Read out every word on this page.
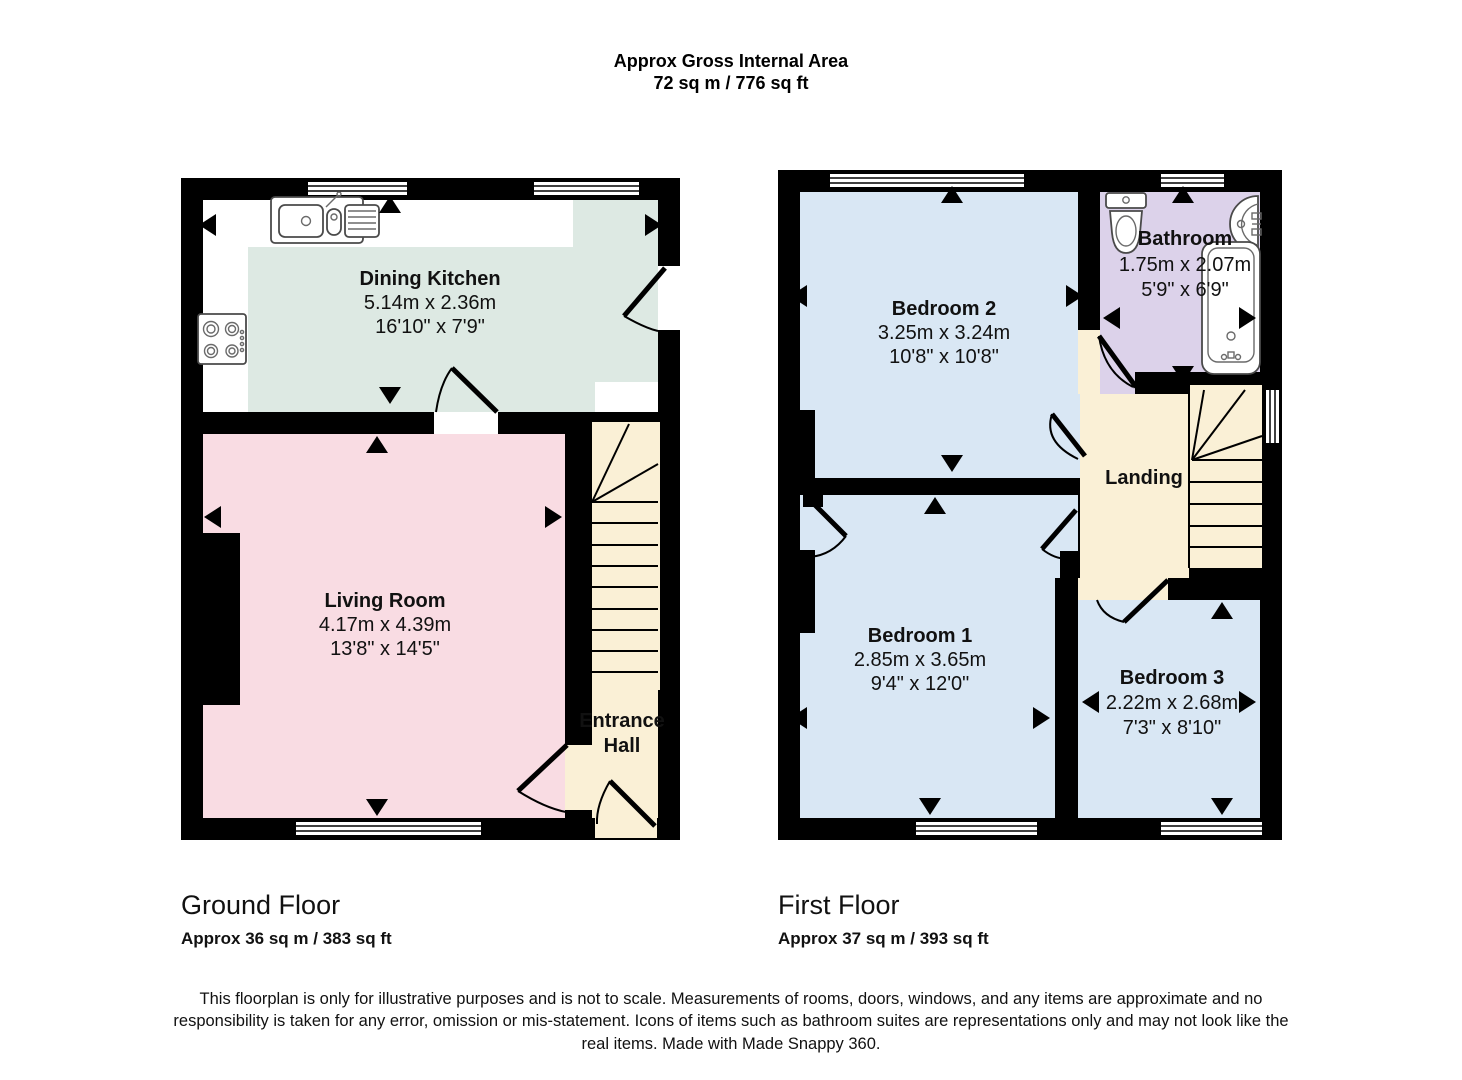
Approx Gross Internal Area
72 sq m / 776 sq ft
Dining Kitchen
5.14m x 2.36m
16'10" x 7'9"
Living Room
4.17m x 4.39m
13'8" x 14'5"
Entrance
Hall
Bedroom 2
3.25m x 3.24m
10'8" x 10'8"
Bathroom
1.75m x 2.07m
5'9" x 6'9"
Landing
Bedroom 1
2.85m x 3.65m
9'4" x 12'0"	Bedroom 3
2.22m x 2.68m
7'3" x 8'10"
Ground Floor
Approx 36 sq m / 383 sq ft
First Floor
Approx 37 sq m / 393 sq ft
This floorplan is only for illustrative purposes and is not to scale. Measurements of rooms, doors, windows, and any items are approximate and no responsibility is taken for any error, omission or mis-statement. Icons of items such as bathroom suites are representations only and may not look like the real items. Made with Made Snappy 360.
